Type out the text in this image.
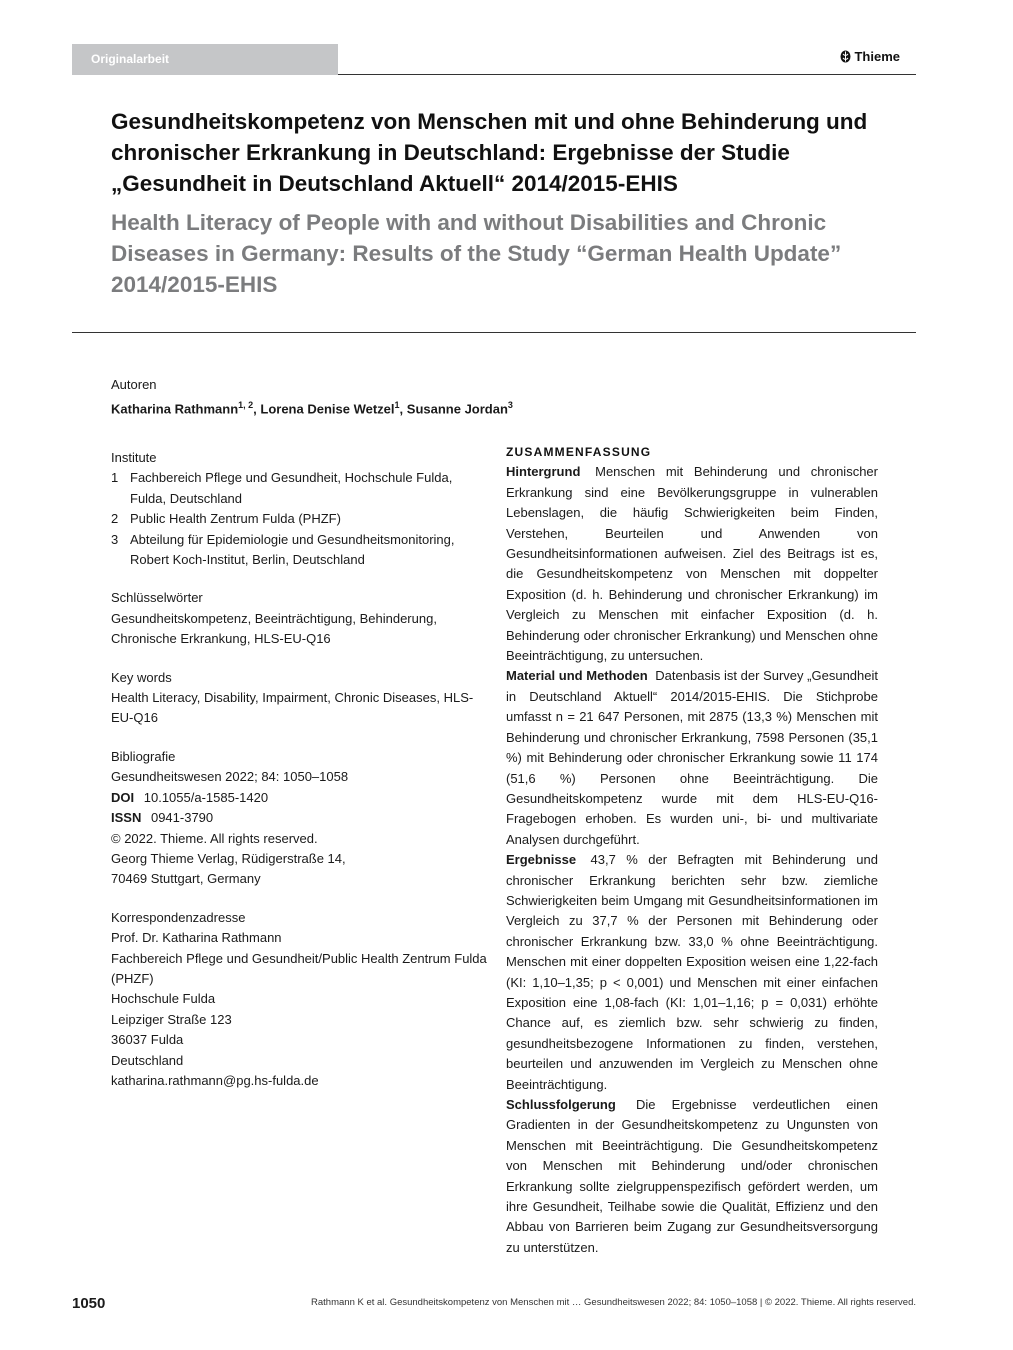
Originalarbeit	Thieme
Gesundheitskompetenz von Menschen mit und ohne Behinderung und chronischer Erkrankung in Deutschland: Ergebnisse der Studie „Gesundheit in Deutschland Aktuell“ 2014/2015-EHIS
Health Literacy of People with and without Disabilities and Chronic Diseases in Germany: Results of the Study “German Health Update” 2014/2015-EHIS
Autoren
Katharina Rathmann$^{1, 2}$, Lorena Denise Wetzel$^1$, Susanne Jordan$^3$
Institute
1 Fachbereich Pflege und Gesundheit, Hochschule Fulda, Fulda, Deutschland
2 Public Health Zentrum Fulda (PHZF)
3 Abteilung für Epidemiologie und Gesundheitsmonitoring, Robert Koch-Institut, Berlin, Deutschland
Schlüsselwörter
Gesundheitskompetenz, Beeinträchtigung, Behinderung, Chronische Erkrankung, HLS-EU-Q16
Key words
Health Literacy, Disability, Impairment, Chronic Diseases, HLS-EU-Q16
Bibliografie
Gesundheitswesen 2022; 84: 1050–1058
DOI 10.1055/a-1585-1420
ISSN 0941-3790
© 2022. Thieme. All rights reserved.
Georg Thieme Verlag, Rüdigerstraße 14,
70469 Stuttgart, Germany
Korrespondenzadresse
Prof. Dr. Katharina Rathmann
Fachbereich Pflege und Gesundheit/Public Health Zentrum Fulda (PHZF)
Hochschule Fulda
Leipziger Straße 123
36037 Fulda
Deutschland
katharina.rathmann@pg.hs-fulda.de

ZUSAMMENFASSUNG

Hintergrund Menschen mit Behinderung und chronischer Erkrankung sind eine Bevölkerungsgruppe in vulnerablen Lebenslagen, die häufig Schwierigkeiten beim Finden, Verstehen, Beurteilen und Anwenden von Gesundheitsinformationen aufweisen. Ziel des Beitrags ist es, die Gesundheitskompetenz von Menschen mit doppelter Exposition (d. h. Behinderung und chronischer Erkrankung) im Vergleich zu Menschen mit einfacher Exposition (d. h. Behinderung oder chronischer Erkrankung) und Menschen ohne Beeinträchtigung, zu untersuchen.

Material und Methoden Datenbasis ist der Survey „Gesundheit in Deutschland Aktuell“ 2014/2015-EHIS. Die Stichprobe umfasst n = 21 647 Personen, mit 2875 (13,3 %) Menschen mit Behinderung und chronischer Erkrankung, 7598 Personen (35,1 %) mit Behinderung oder chronischer Erkrankung sowie 11 174 (51,6 %) Personen ohne Beeinträchtigung. Die Gesundheitskompetenz wurde mit dem HLS-EU-Q16-Fragebogen erhoben. Es wurden uni-, bi- und multivariate Analysen durchgeführt.

Ergebnisse 43,7 % der Befragten mit Behinderung und chronischer Erkrankung berichten sehr bzw. ziemliche Schwierigkeiten beim Umgang mit Gesundheitsinformationen im Vergleich zu 37,7 % der Personen mit Behinderung oder chronischer Erkrankung bzw. 33,0 % ohne Beeinträchtigung. Menschen mit einer doppelten Exposition weisen eine 1,22-fach (KI: 1,10–1,35; p < 0,001) und Menschen mit einer einfachen Exposition eine 1,08-fach (KI: 1,01–1,16; p = 0,031) erhöhte Chance auf, es ziemlich bzw. sehr schwierig zu finden, gesundheitsbezogene Informationen zu finden, verstehen, beurteilen und anzuwenden im Vergleich zu Menschen ohne Beeinträchtigung.

Schlussfolgerung Die Ergebnisse verdeutlichen einen Gradienten in der Gesundheitskompetenz zu Ungunsten von Menschen mit Beeinträchtigung. Die Gesundheitskompetenz von Menschen mit Behinderung und/oder chronischen Erkrankung sollte zielgruppenspezifisch gefördert werden, um ihre Gesundheit, Teilhabe sowie die Qualität, Effizienz und den Abbau von Barrieren beim Zugang zur Gesundheitsversorgung zu unterstützen.

1050	Rathmann K et al. Gesundheitskompetenz von Menschen mit … Gesundheitswesen 2022; 84: 1050–1058 | © 2022. Thieme. All rights reserved.
